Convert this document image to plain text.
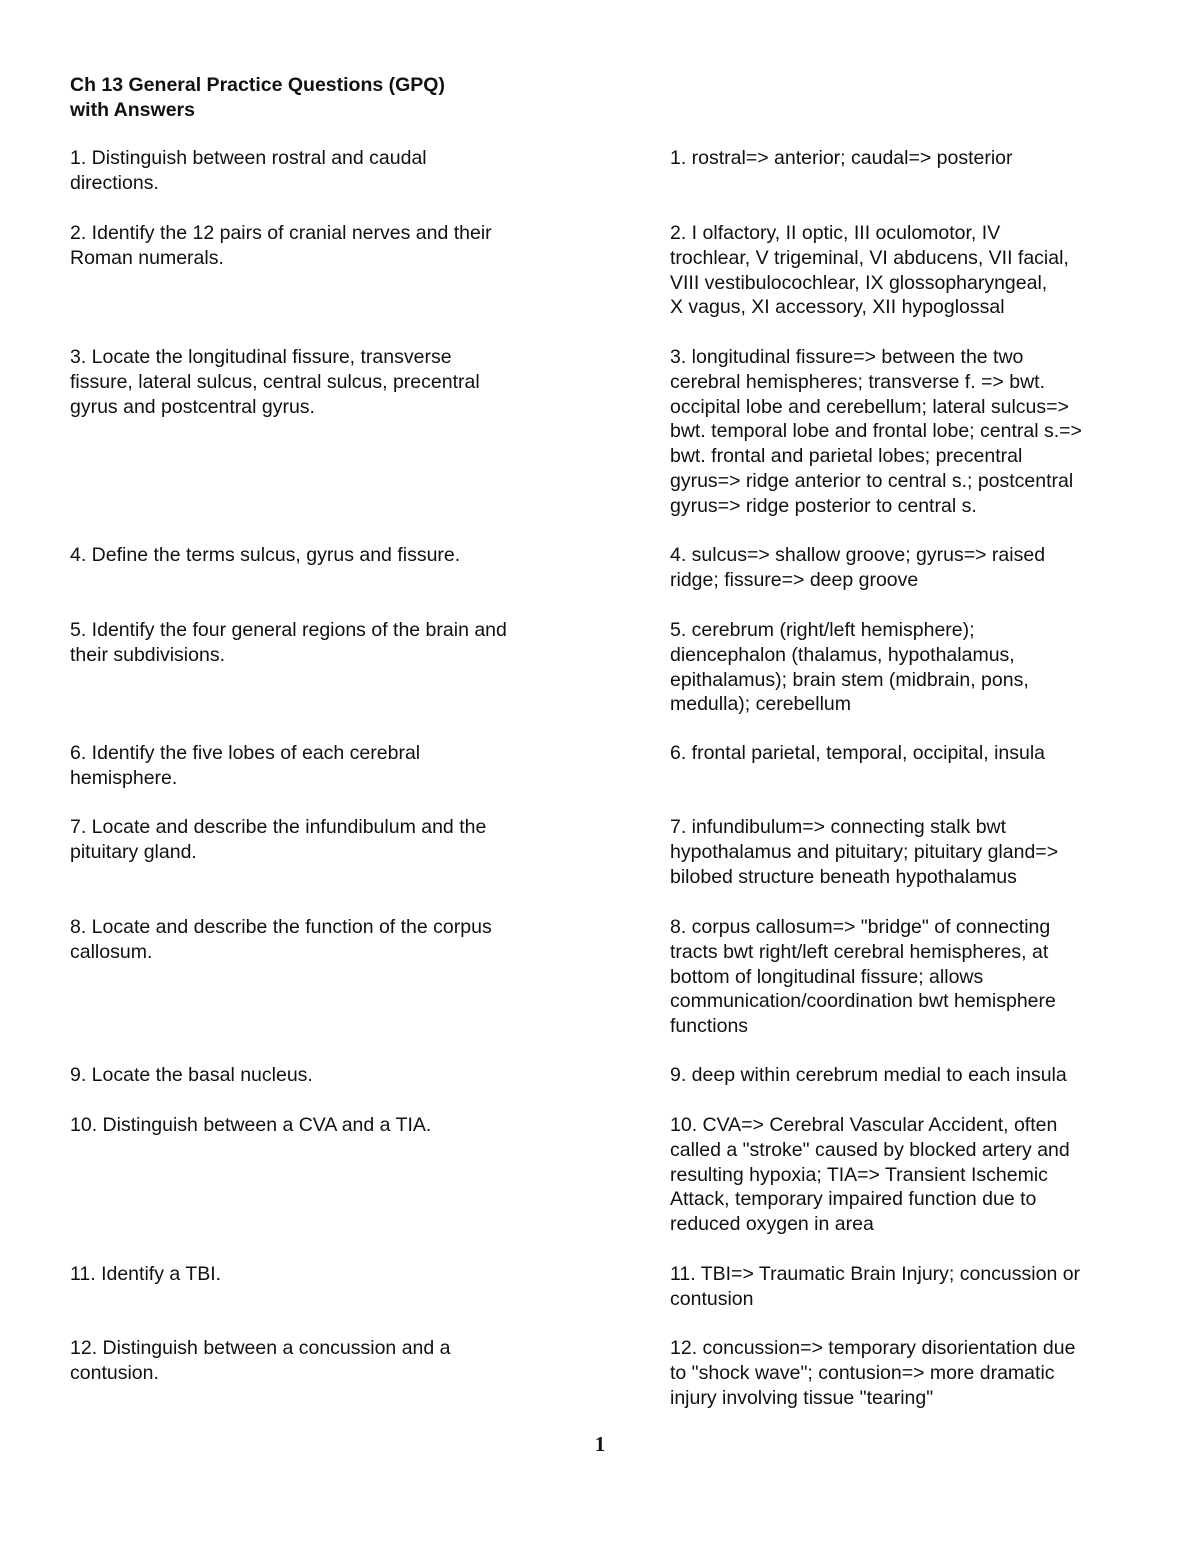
Ch 13 General Practice Questions (GPQ)
with Answers

1. Distinguish between rostral and caudal
directions.

1. rostral=> anterior; caudal=> posterior

2. Identify the 12 pairs of cranial nerves and their
Roman numerals.

2. I olfactory, II optic, III oculomotor, IV
trochlear, V trigeminal, VI abducens, VII facial,
VIII vestibulocochlear, IX glossopharyngeal,
X vagus, XI accessory, XII hypoglossal

3. Locate the longitudinal fissure, transverse
fissure, lateral sulcus, central sulcus, precentral
gyrus and postcentral gyrus.

3. longitudinal fissure=> between the two
cerebral hemispheres; transverse f. => bwt.
occipital lobe and cerebellum; lateral sulcus=>
bwt. temporal lobe and frontal lobe; central s.=>
bwt. frontal and parietal lobes; precentral
gyrus=> ridge anterior to central s.; postcentral
gyrus=> ridge posterior to central s.

4. Define the terms sulcus, gyrus and fissure.	4. sulcus=> shallow groove; gyrus=> raised
ridge; fissure=> deep groove

5. Identify the four general regions of the brain and
their subdivisions.

5. cerebrum (right/left hemisphere);
diencephalon (thalamus, hypothalamus,
epithalamus); brain stem (midbrain, pons,
medulla); cerebellum

6. Identify the five lobes of each cerebral
hemisphere.

6. frontal parietal, temporal, occipital, insula

7. Locate and describe the infundibulum and the
pituitary gland.

7. infundibulum=> connecting stalk bwt
hypothalamus and pituitary; pituitary gland=>
bilobed structure beneath hypothalamus

8. Locate and describe the function of the corpus
callosum.

8. corpus callosum=> "bridge" of connecting
tracts bwt right/left cerebral hemispheres, at
bottom of longitudinal fissure; allows
communication/coordination bwt hemisphere
functions

9. Locate the basal nucleus.	9. deep within cerebrum medial to each insula

10. Distinguish between a CVA and a TIA.	10. CVA=> Cerebral Vascular Accident, often
called a "stroke" caused by blocked artery and
resulting hypoxia; TIA=> Transient Ischemic
Attack, temporary impaired function due to
reduced oxygen in area

11. Identify a TBI.	11. TBI=> Traumatic Brain Injury; concussion or
contusion

12. Distinguish between a concussion and a
contusion.

12. concussion=> temporary disorientation due
to "shock wave"; contusion=> more dramatic
injury involving tissue "tearing"

1
